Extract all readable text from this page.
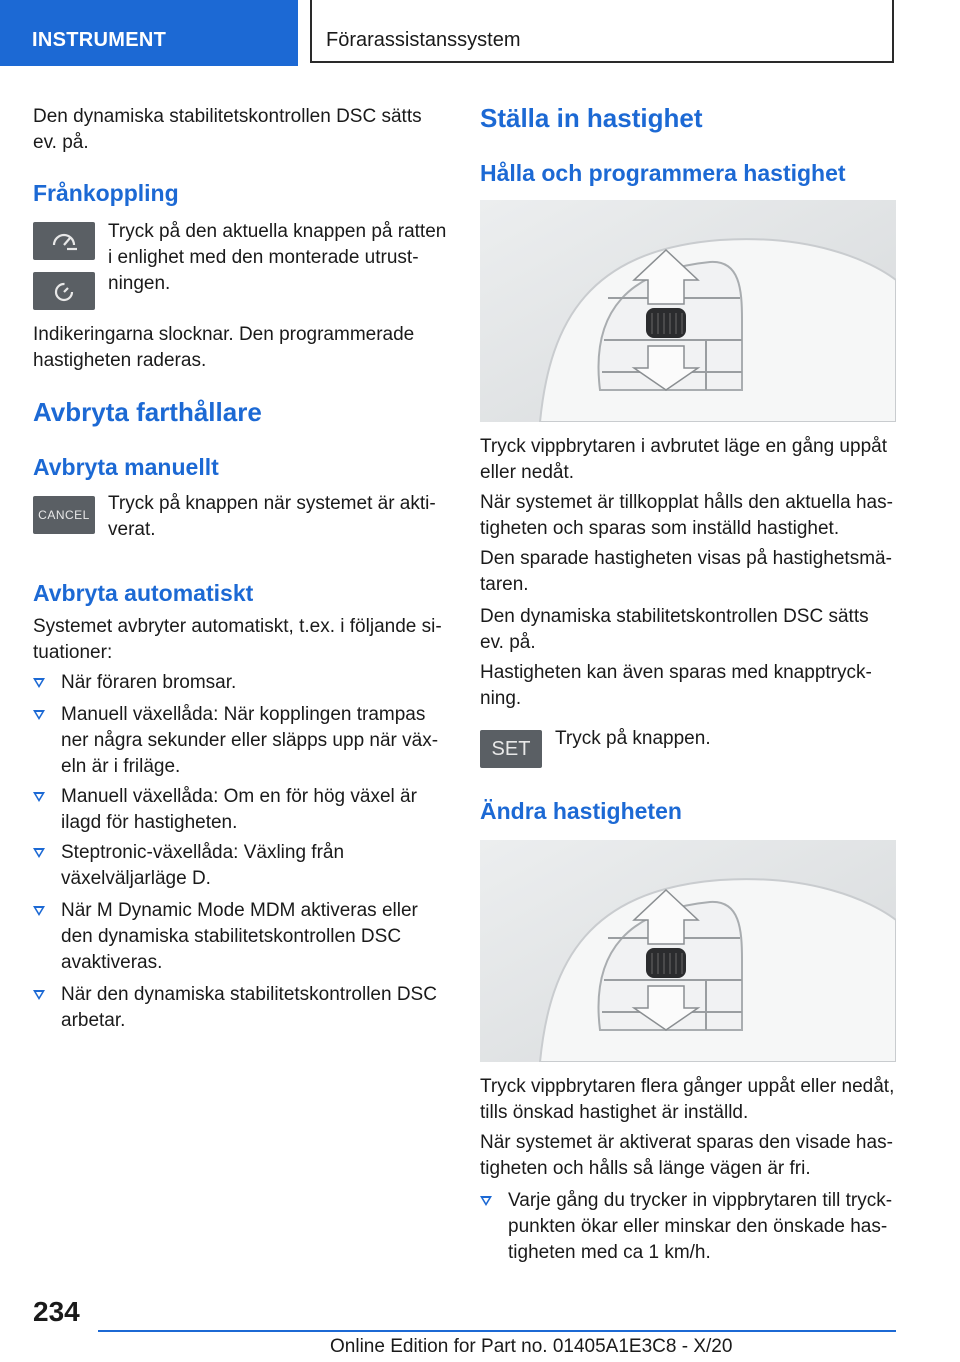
INSTRUMENT	Förarassistanssystem

Den dynamiska stabilitetskontrollen DSC sätts ev. på.

Frånkoppling

Tryck på den aktuella knappen på ratten i enlighet med den monterade utrustningen.

Indikeringarna slocknar. Den programmerade hastigheten raderas.

Avbryta farthållare

Avbryta manuellt

CANCEL

Tryck på knappen när systemet är aktiverat.

Avbryta automatiskt

Systemet avbryter automatiskt, t.ex. i följande situationer:

När föraren bromsar.
Manuell växellåda: När kopplingen trampas ner några sekunder eller släpps upp när växeln är i friläge.
Manuell växellåda: Om en för hög växel är ilagd för hastigheten.
Steptronic-växellåda: Växling från växelväljarläge D.
När M Dynamic Mode MDM aktiveras eller den dynamiska stabilitetskontrollen DSC avaktiveras.
När den dynamiska stabilitetskontrollen DSC arbetar.

Ställa in hastighet

Hålla och programmera hastighet

Tryck vippbrytaren i avbrutet läge en gång uppåt eller nedåt.

När systemet är tillkopplat hålls den aktuella hastigheten och sparas som inställd hastighet.

Den sparade hastigheten visas på hastighetsmätaren.

Den dynamiska stabilitetskontrollen DSC sätts ev. på.

Hastigheten kan även sparas med knapptryckning.

SET Tryck på knappen.

Ändra hastigheten

Tryck vippbrytaren flera gånger uppåt eller nedåt, tills önskad hastighet är inställd.

När systemet är aktiverat sparas den visade hastigheten och hålls så länge vägen är fri.

Varje gång du trycker in vippbrytaren till tryckpunkten ökar eller minskar den önskade hastigheten med ca 1 km/h.
234
Online Edition for Part no. 01405A1E3C8 - X/20
